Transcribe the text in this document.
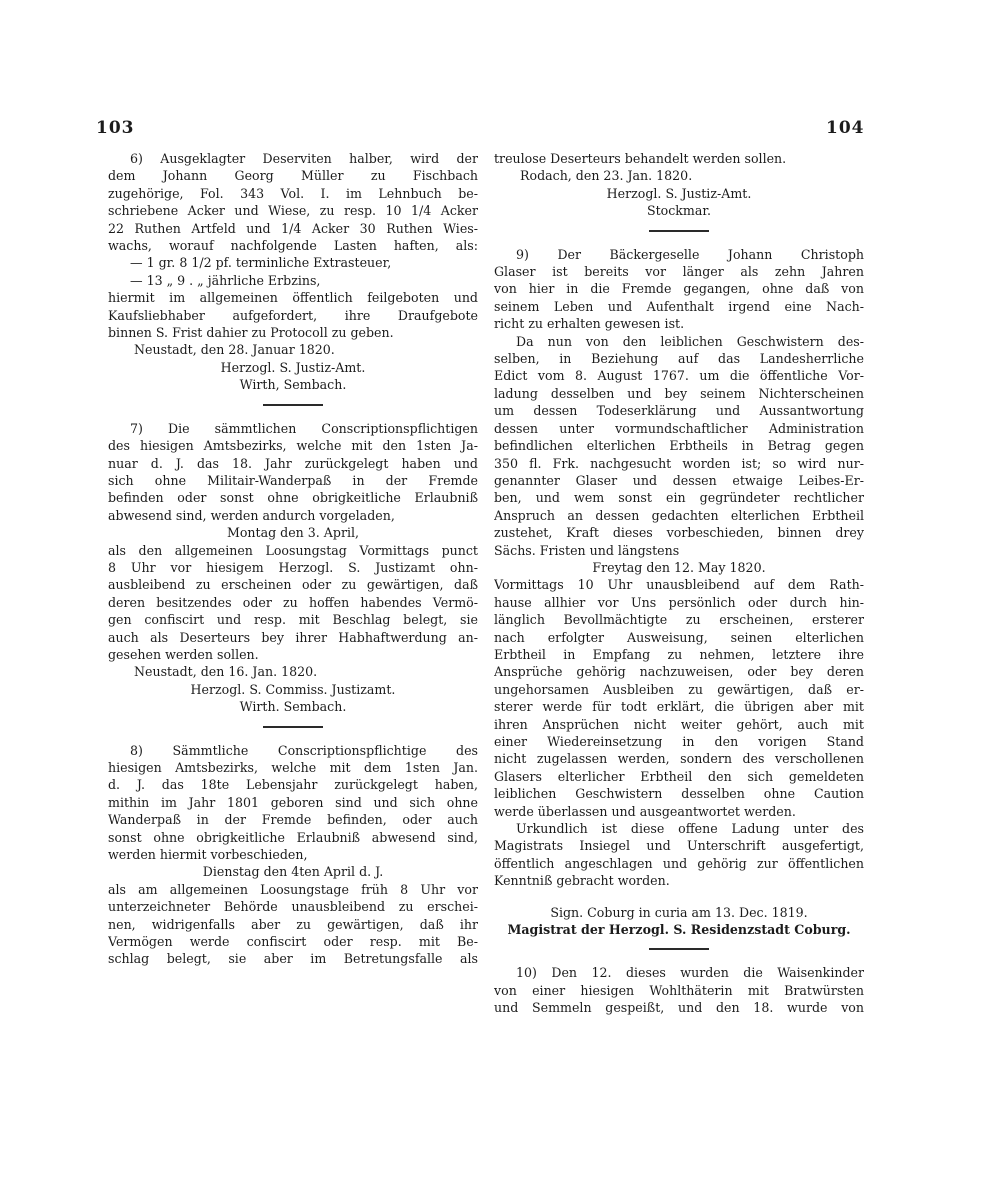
103	104

6) Ausgeklagter Deserviten halber, wird der
dem Johann Georg Müller zu Fischbach
zugehörige, Fol. 343 Vol. I. im Lehnbuch be-
schriebene Acker und Wiese, zu resp. 10 1/4 Acker
22 Ruthen Artfeld und 1/4 Acker 30 Ruthen Wies-
wachs, worauf nachfolgende Lasten haften, als:
— 1 gr. 8 1/2 pf. terminliche Extrasteuer,
— 13 „ 9 . „ jährliche Erbzins,
hiermit im allgemeinen öffentlich feilgeboten und
Kaufsliebhaber aufgefordert, ihre Draufgebote
binnen S. Frist dahier zu Protocoll zu geben.

Neustadt, den 28. Januar 1820.
Herzogl. S. Justiz-Amt.
Wirth, Sembach.

7) Die sämmtlichen Conscriptionspflichtigen
des hiesigen Amtsbezirks, welche mit den 1sten Ja-
nuar d. J. das 18. Jahr zurückgelegt haben und
sich ohne Militair-Wanderpaß in der Fremde
befinden oder sonst ohne obrigkeitliche Erlaubniß
abwesend sind, werden andurch vorgeladen,
Montag den 3. April,
als den allgemeinen Loosungstag Vormittags punct
8 Uhr vor hiesigem Herzogl. S. Justizamt ohn-
ausbleibend zu erscheinen oder zu gewärtigen, daß
deren besitzendes oder zu hoffen habendes Vermö-
gen confiscirt und resp. mit Beschlag belegt, sie
auch als Deserteurs bey ihrer Habhaftwerdung an-
gesehen werden sollen.

Neustadt, den 16. Jan. 1820.
Herzogl. S. Commiss. Justizamt.
Wirth. Sembach.

8) Sämmtliche Conscriptionspflichtige des
hiesigen Amtsbezirks, welche mit dem 1sten Jan.
d. J. das 18te Lebensjahr zurückgelegt haben,
mithin im Jahr 1801 geboren sind und sich ohne
Wanderpaß in der Fremde befinden, oder auch
sonst ohne obrigkeitliche Erlaubniß abwesend sind,
werden hiermit vorbeschieden,
Dienstag den 4ten April d. J.
als am allgemeinen Loosungstage früh 8 Uhr vor
unterzeichneter Behörde unausbleibend zu erschei-
nen, widrigenfalls aber zu gewärtigen, daß ihr
Vermögen werde confiscirt oder resp. mit Be-
schlag belegt, sie aber im Betretungsfalle als

treulose Deserteurs behandelt werden sollen.
Rodach, den 23. Jan. 1820.
Herzogl. S. Justiz-Amt.
Stockmar.

9) Der Bäckergeselle Johann Christoph
Glaser ist bereits vor länger als zehn Jahren
von hier in die Fremde gegangen, ohne daß von
seinem Leben und Aufenthalt irgend eine Nach-
richt zu erhalten gewesen ist.
Da nun von den leiblichen Geschwistern des-
selben, in Beziehung auf das Landesherrliche
Edict vom 8. August 1767. um die öffentliche Vor-
ladung desselben und bey seinem Nichterscheinen
um dessen Todeserklärung und Aussantwortung
dessen unter vormundschaftlicher Administration
befindlichen elterlichen Erbtheils in Betrag gegen
350 fl. Frk. nachgesucht worden ist; so wird nur-
genannter Glaser und dessen etwaige Leibes-Er-
ben, und wem sonst ein gegründeter rechtlicher
Anspruch an dessen gedachten elterlichen Erbtheil
zustehet, Kraft dieses vorbeschieden, binnen drey
Sächs. Fristen und längstens
Freytag den 12. May 1820.
Vormittags 10 Uhr unausbleibend auf dem Rath-
hause allhier vor Uns persönlich oder durch hin-
länglich Bevollmächtigte zu erscheinen, ersterer
nach erfolgter Ausweisung, seinen elterlichen
Erbtheil in Empfang zu nehmen, letztere ihre
Ansprüche gehörig nachzuweisen, oder bey deren
ungehorsamen Ausbleiben zu gewärtigen, daß er-
sterer werde für todt erklärt, die übrigen aber mit
ihren Ansprüchen nicht weiter gehört, auch mit
einer Wiedereinsetzung in den vorigen Stand
nicht zugelassen werden, sondern des verschollenen
Glasers elterlicher Erbtheil den sich gemeldeten
leiblichen Geschwistern desselben ohne Caution
werde überlassen und ausgeantwortet werden.
Urkundlich ist diese offene Ladung unter des
Magistrats Insiegel und Unterschrift ausgefertigt,
öffentlich angeschlagen und gehörig zur öffentlichen
Kenntniß gebracht worden.

Sign. Coburg in curia am 13. Dec. 1819.
Magistrat der Herzogl. S. Residenzstadt Coburg.

10) Den 12. dieses wurden die Waisenkinder
von einer hiesigen Wohlthäterin mit Bratwürsten
und Semmeln gespeißt, und den 18. wurde von
